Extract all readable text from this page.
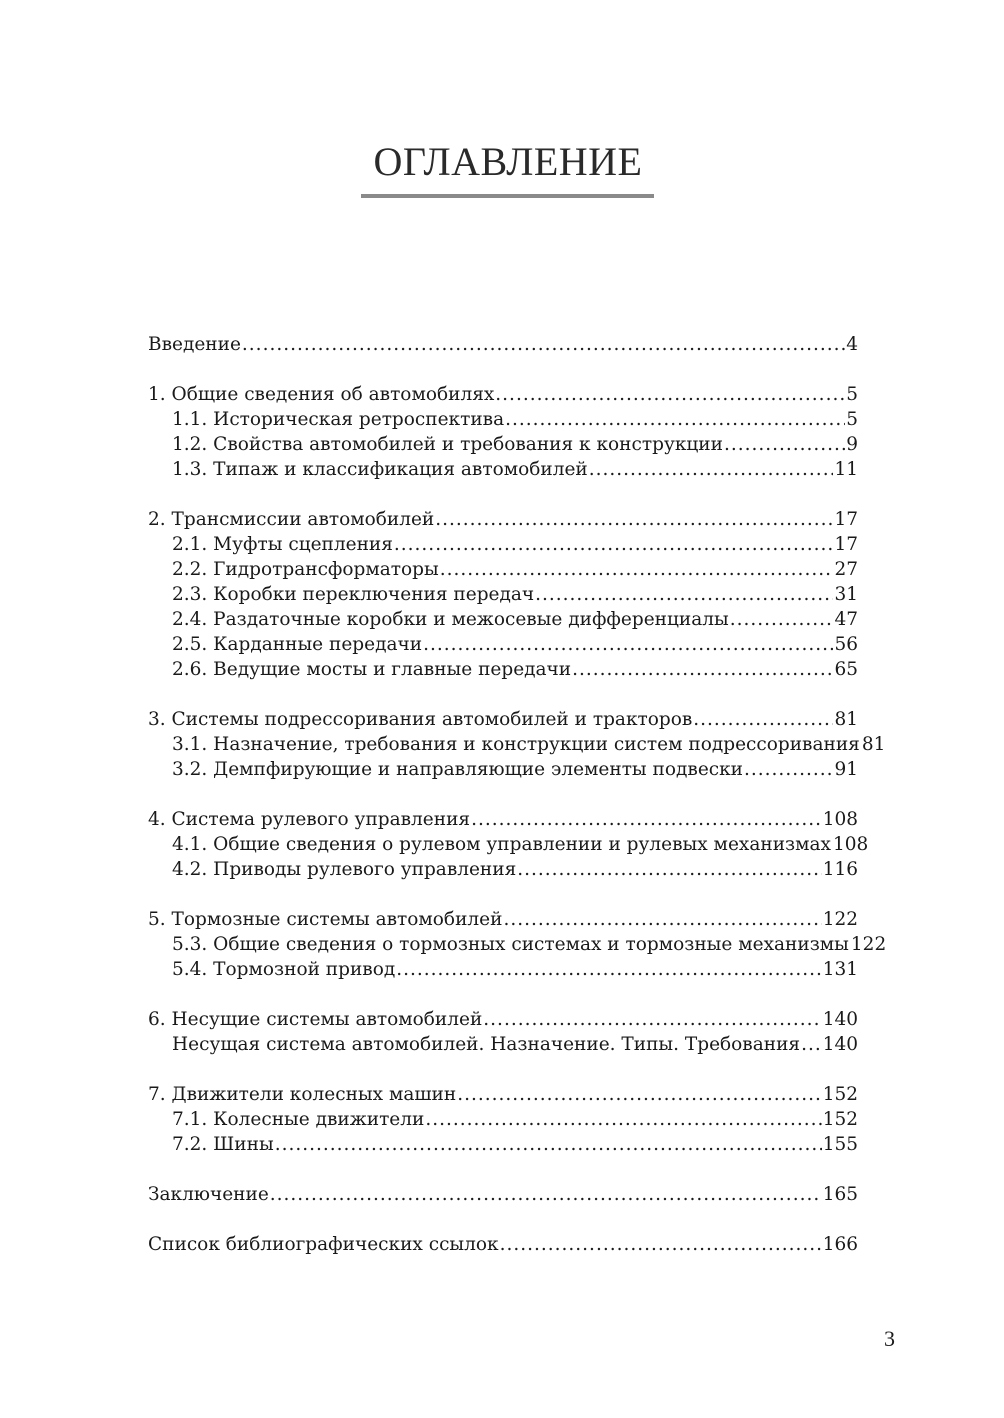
ОГЛАВЛЕНИЕ
Введение .....	4
1. Общие сведения об автомобилях .....	5
1.1. Историческая ретроспектива .....	5
1.2. Свойства автомобилей и требования к конструкции .....	9
1.3. Типаж и классификация автомобилей .....	11
2. Трансмиссии автомобилей .....	17
2.1. Муфты сцепления .....	17
2.2. Гидротрансформаторы .....	27
2.3. Коробки переключения передач .....	31
2.4. Раздаточные коробки и межосевые дифференциалы .....	47
2.5. Карданные передачи .....	56
2.6. Ведущие мосты и главные передачи .....	65
3. Системы подрессоривания автомобилей и тракторов .....	81
3.1. Назначение, требования и конструкции систем подрессоривания 81
3.2. Демпфирующие и направляющие элементы подвески .....	91
4. Система рулевого управления .....	108
4.1. Общие сведения о рулевом управлении и рулевых механизмах 108
4.2. Приводы рулевого управления .....	116
5. Тормозные системы автомобилей .....	122
5.3. Общие сведения о тормозных системах и тормозные механизмы 122
5.4. Тормозной привод .....	131
6. Несущие системы автомобилей .....	140
Несущая система автомобилей. Назначение. Типы. Требования ..... 140
7. Движители колесных машин .....	152
7.1. Колесные движители .....	152
7.2. Шины .....	155
Заключение .....	165
Список библиографических ссылок .....	166
3
